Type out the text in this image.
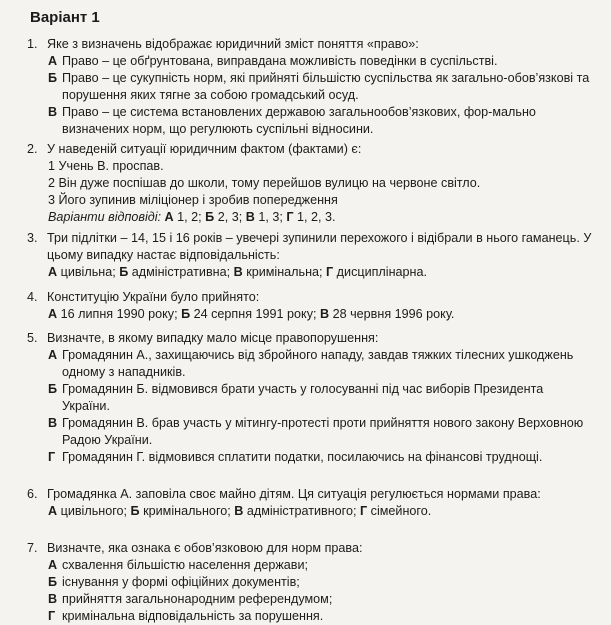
Варіант 1
1. Яке з визначень відображає юридичний зміст поняття «право»:
А Право – це обґрунтована, виправдана можливість поведінки в суспільстві.
Б Право – це сукупність норм, які прийняті більшістю суспільства як загально-обов’язкові та порушення яких тягне за собою громадський осуд.
В Право – це система встановлених державою загальнообов’язкових, фор-мально визначених норм, що регулюють суспільні відносини.
2. У наведеній ситуації юридичним фактом (фактами) є:
1 Учень В. проспав.
2 Він дуже поспішав до школи, тому перейшов вулицю на червоне світло.
3 Його зупинив міліціонер і зробив попередження
Варіанти відповіді: А 1, 2; Б 2, 3; В 1, 3; Г 1, 2, 3.
3. Три підлітки – 14, 15 і 16 років – увечері зупинили перехожого і відібрали в нього гаманець. У цьому випадку настає відповідальність:
А цивільна; Б адміністративна; В кримінальна; Г дисциплінарна.
4. Конституцію України було прийнято:
А 16 липня 1990 року; Б 24 серпня 1991 року; В 28 червня 1996 року.
5. Визначте, в якому випадку мало місце правопорушення:
А Громадянин А., захищаючись від збройного нападу, завдав тяжких тілесних ушкоджень одному з нападників.
Б Громадянин Б. відмовився брати участь у голосуванні під час виборів Президента України.
В Громадянин В. брав участь у мітингу-протесті проти прийняття нового закону Верховною Радою України.
Г Громадянин Г. відмовився сплатити податки, посилаючись на фінансові труднощі.
6. Громадянка А. заповіла своє майно дітям. Ця ситуація регулюється нормами права:
А цивільного; Б кримінального; В адміністративного; Г сімейного.
7. Визначте, яка ознака є обов’язковою для норм права:
А схвалення більшістю населення держави;
Б існування у формі офіційних документів;
В прийняття загальнонародним референдумом;
Г кримінальна відповідальність за порушення.
